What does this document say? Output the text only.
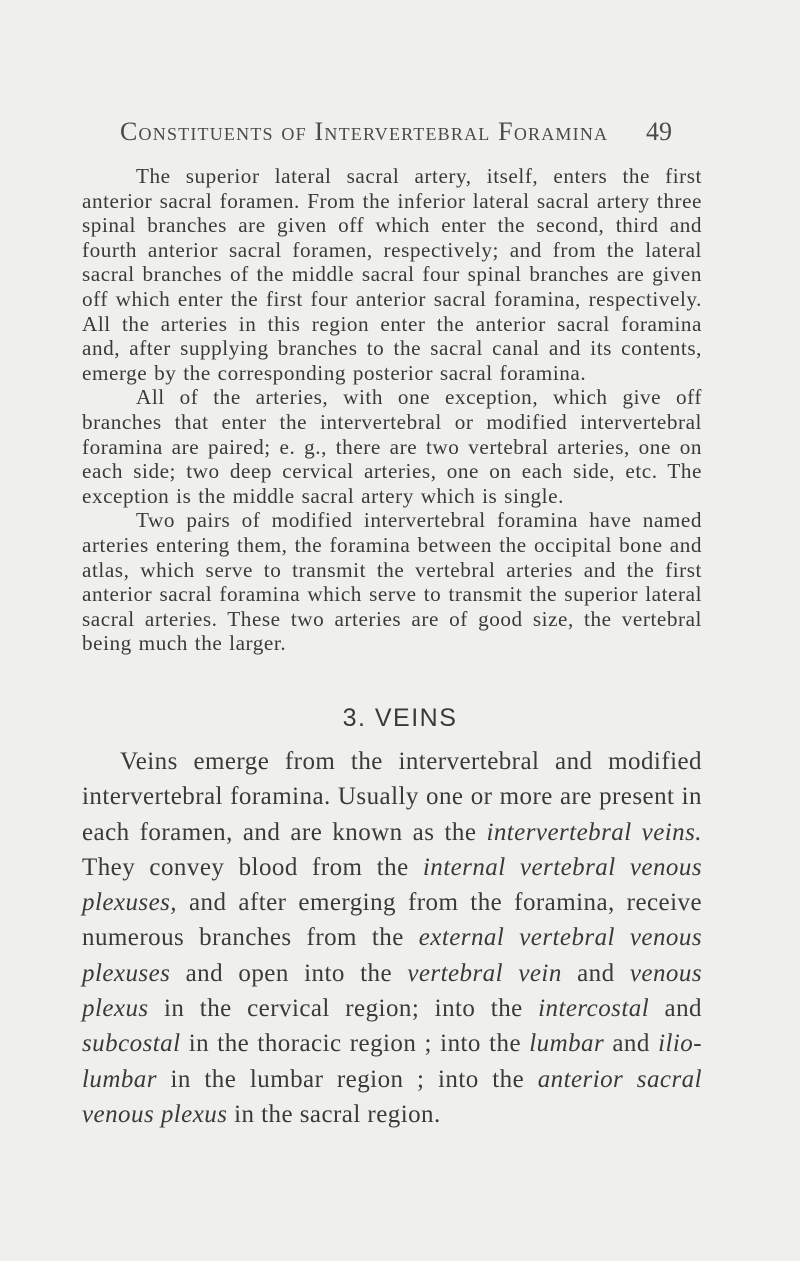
Constituents of Intervertebral Foramina 49

The superior lateral sacral artery, itself, enters the first anterior sacral foramen. From the inferior lateral sacral artery three spinal branches are given off which enter the second, third and fourth anterior sacral foramen, respectively; and from the lateral sacral branches of the middle sacral four spinal branches are given off which enter the first four anterior sacral foramina, respectively. All the arteries in this region enter the anterior sacral foramina and, after supplying branches to the sacral canal and its contents, emerge by the corresponding posterior sacral foramina.

All of the arteries, with one exception, which give off branches that enter the intervertebral or modified intervertebral foramina are paired; e. g., there are two vertebral arteries, one on each side; two deep cervical arteries, one on each side, etc. The exception is the middle sacral artery which is single.

Two pairs of modified intervertebral foramina have named arteries entering them, the foramina between the occipital bone and atlas, which serve to transmit the vertebral arteries and the first anterior sacral foramina which serve to transmit the superior lateral sacral arteries. These two arteries are of good size, the vertebral being much the larger.

3. VEINS

Veins emerge from the intervertebral and modified intervertebral foramina. Usually one or more are present in each foramen, and are known as the intervertebral veins. They convey blood from the internal vertebral venous plexuses, and after emerging from the foramina, receive numerous branches from the external vertebral venous plexuses and open into the vertebral vein and venous plexus in the cervical region; into the intercostal and subcostal in the thoracic region ; into the lumbar and ilio-lumbar in the lumbar region ; into the anterior sacral venous plexus in the sacral region.
